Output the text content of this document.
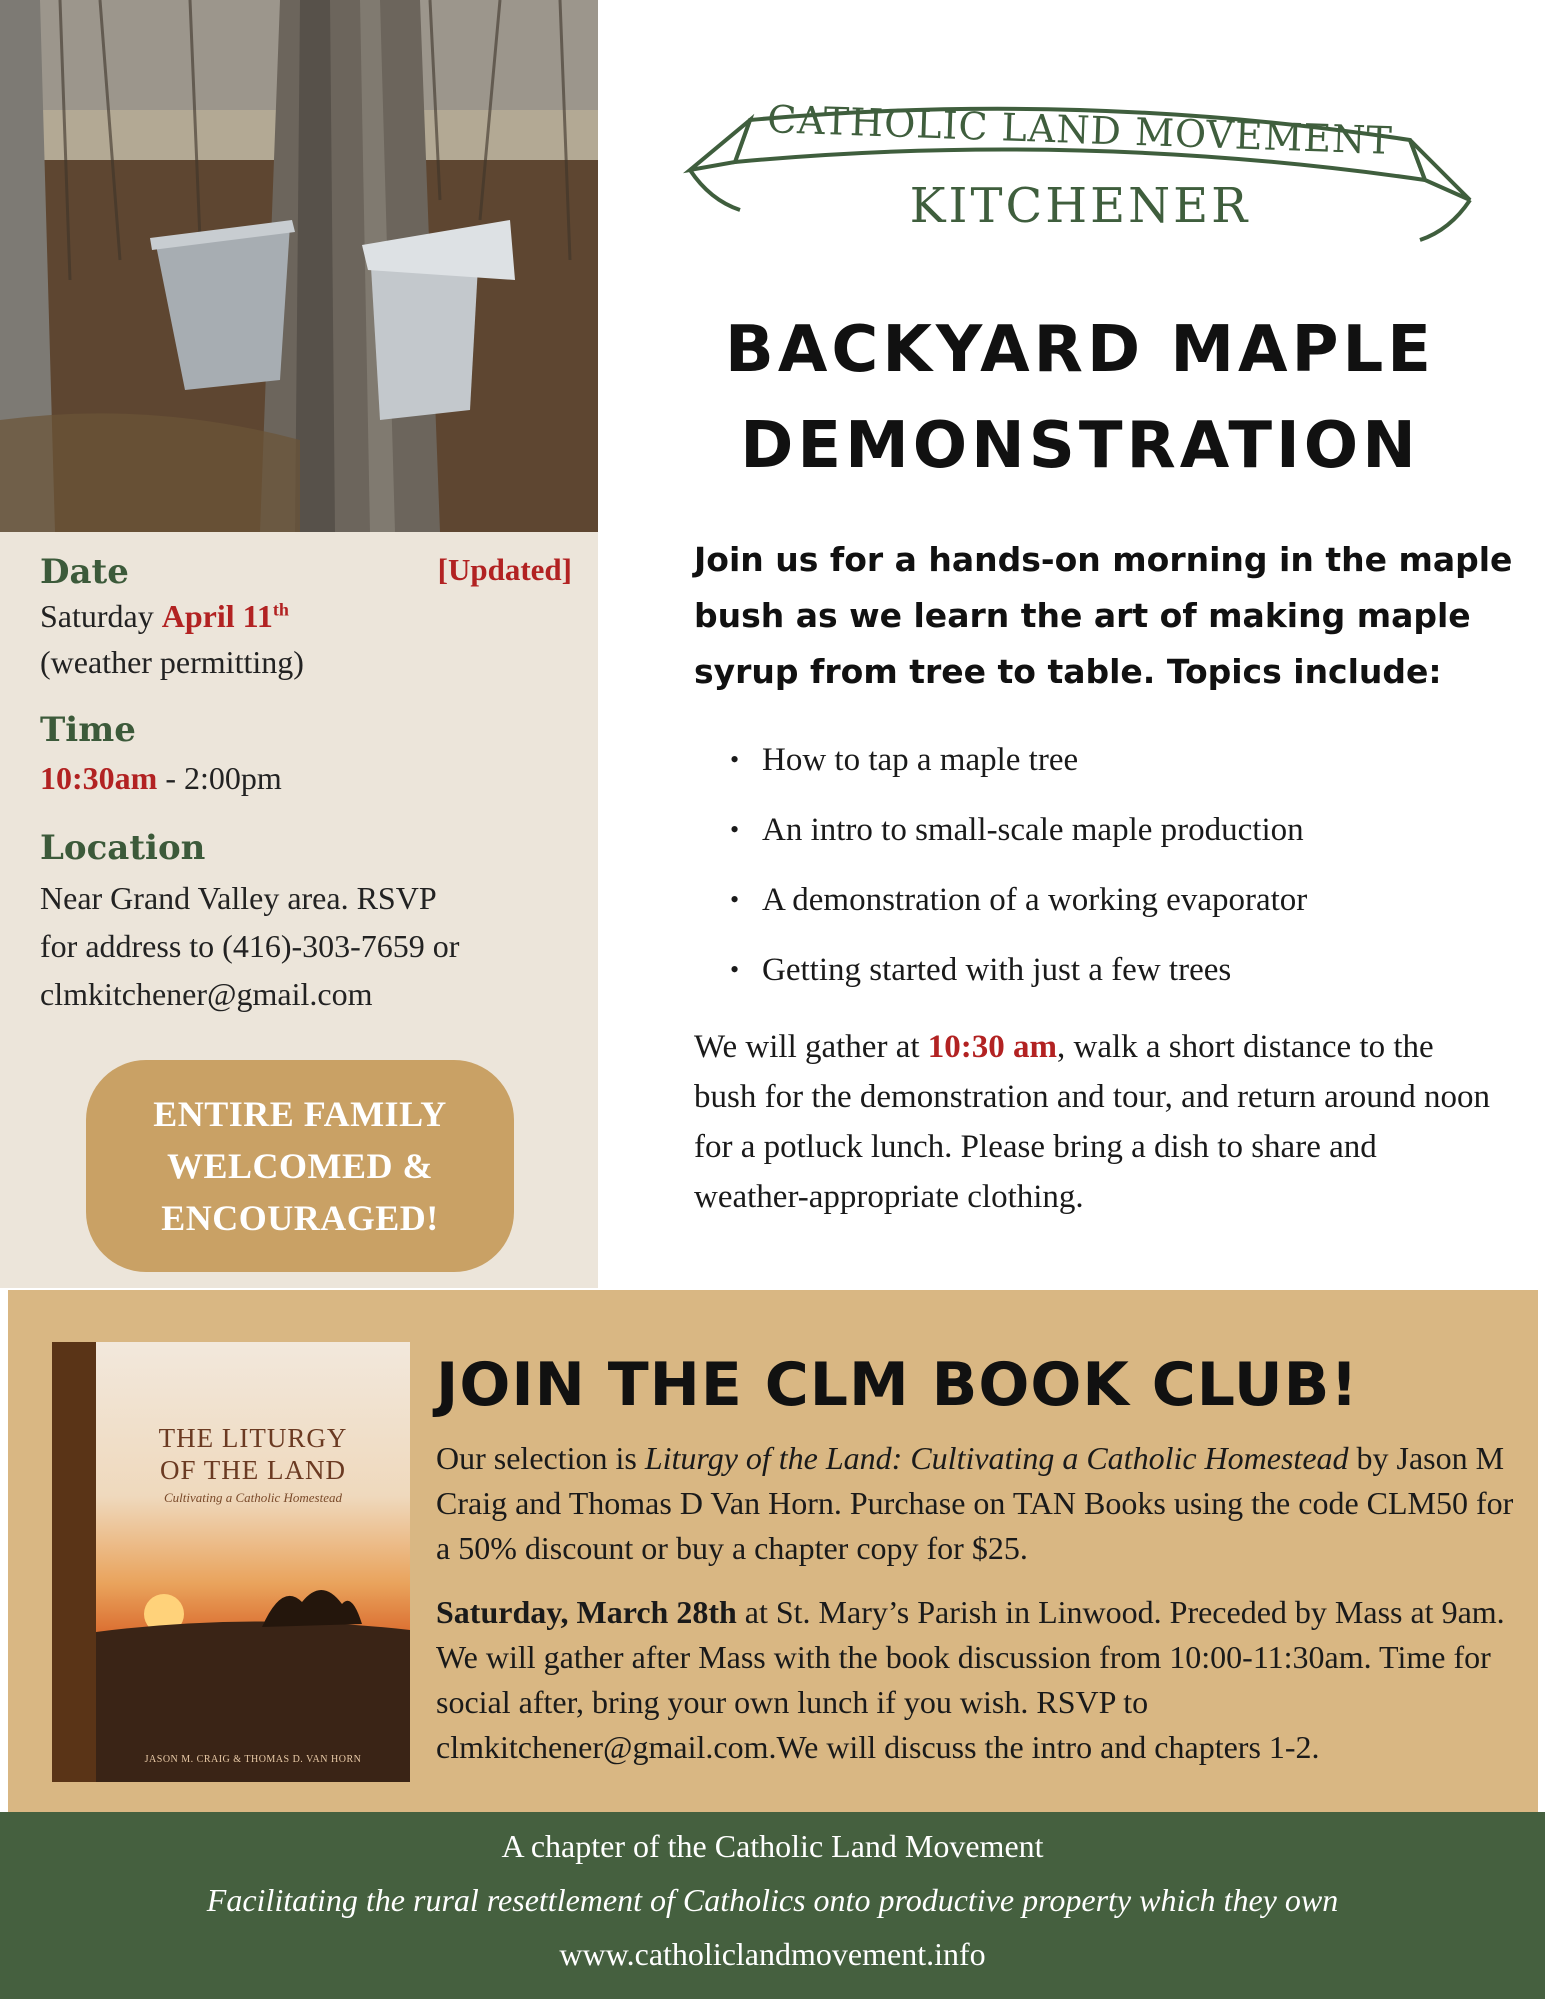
Date	[Updated]
Saturday April 11th
(weather permitting)
Time
10:30am - 2:00pm
Location
Near Grand Valley area. RSVP
for address to (416)-303-7659 or
clmkitchener@gmail.com
ENTIRE FAMILY
WELCOMED &
ENCOURAGED!
CATHOLIC LAND MOVEMENT
KITCHENER
BACKYARD MAPLE DEMONSTRATION
Join us for a hands-on morning in the maple bush as we learn the art of making maple syrup from tree to table. Topics include:
• How to tap a maple tree
• An intro to small-scale maple production
• A demonstration of a working evaporator
• Getting started with just a few trees
We will gather at 10:30 am, walk a short distance to the bush for the demonstration and tour, and return around noon for a potluck lunch. Please bring a dish to share and weather-appropriate clothing.
THE LITURGY
OF THE LAND
Cultivating a Catholic Homestead
JASON M. CRAIG & THOMAS D. VAN HORN
JOIN THE CLM BOOK CLUB!
Our selection is Liturgy of the Land: Cultivating a Catholic Homestead by Jason M Craig and Thomas D Van Horn. Purchase on TAN Books using the code CLM50 for a 50% discount or buy a chapter copy for $25.
Saturday, March 28th at St. Mary’s Parish in Linwood. Preceded by Mass at 9am. We will gather after Mass with the book discussion from 10:00-11:30am. Time for social after, bring your own lunch if you wish. RSVP to clmkitchener@gmail.com.We will discuss the intro and chapters 1-2.
A chapter of the Catholic Land Movement
Facilitating the rural resettlement of Catholics onto productive property which they own
www.catholiclandmovement.info
